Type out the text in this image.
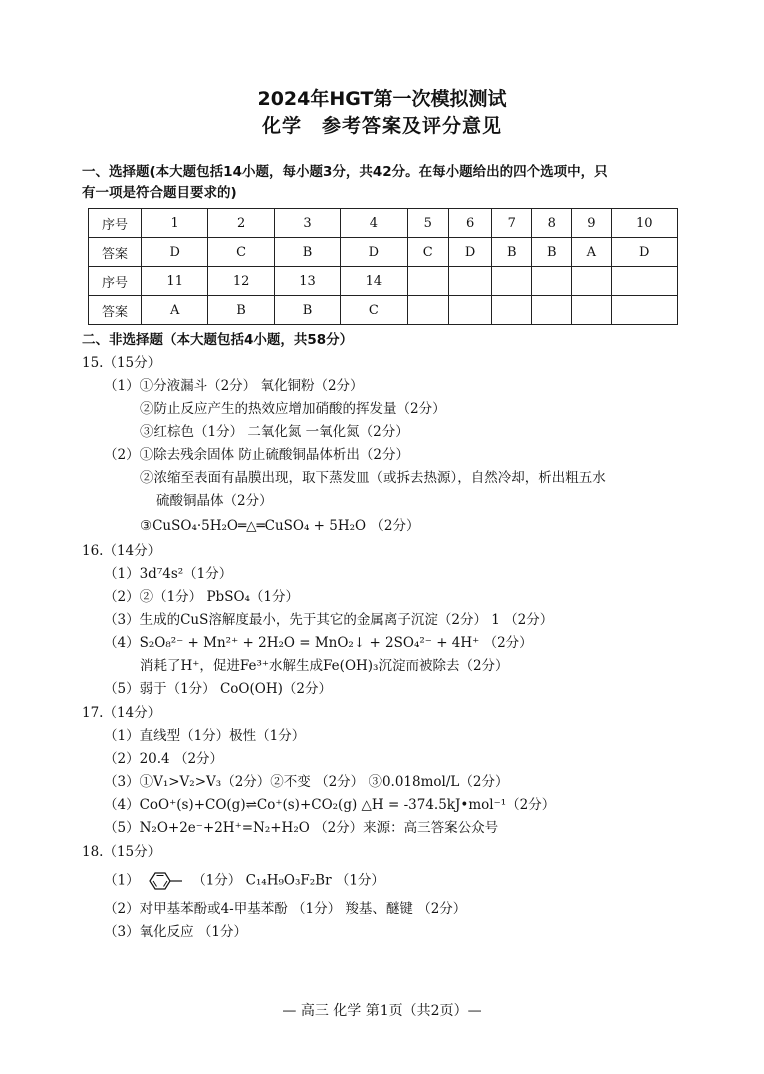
2024年HGT第一次模拟测试
化学　参考答案及评分意见
一、选择题(本大题包括14小题，每小题3分，共42分。在每小题给出的四个选项中，只
有一项是符合题目要求的)
序号	1	2	3	4	5	6	7	8	9	10
答案	D	C	B	D	C	D	B	B	A	D
序号	11	12	13	14						
答案	A	B	B	C						
二、非选择题（本大题包括4小题，共58分）
15.（15分）
（1）①分液漏斗（2分） 氧化铜粉（2分）
②防止反应产生的热效应增加硝酸的挥发量（2分）
③红棕色（1分） 二氧化氮 一氧化氮（2分）
（2）①除去残余固体 防止硫酸铜晶体析出（2分）
②浓缩至表面有晶膜出现，取下蒸发皿（或拆去热源），自然冷却，析出粗五水
硫酸铜晶体（2分）
③CuSO₄·5H₂O═△═CuSO₄ + 5H₂O （2分）
16.（14分）
（1）3d⁷4s²（1分）
（2）②（1分） PbSO₄（1分）
（3）生成的CuS溶解度最小，先于其它的金属离子沉淀（2分） 1 （2分）
（4）S₂O₈²⁻ + Mn²⁺ + 2H₂O = MnO₂↓ + 2SO₄²⁻ + 4H⁺ （2分）
消耗了H⁺，促进Fe³⁺水解生成Fe(OH)₃沉淀而被除去（2分）
（5）弱于（1分） CoO(OH)（2分）
17.（14分）
（1）直线型（1分）极性（1分）
（2）20.4 （2分）
（3）①V₁>V₂>V₃（2分）②不变 （2分） ③0.018mol/L（2分）
（4）CoO⁺(s)+CO(g)⇌Co⁺(s)+CO₂(g) △H = -374.5kJ•mol⁻¹（2分）
（5）N₂O+2e⁻+2H⁺=N₂+H₂O （2分）来源：高三答案公众号
18.（15分）
（1）	（1分） C₁₄H₉O₃F₂Br （1分）
（2）对甲基苯酚或4-甲基苯酚 （1分） 羧基、醚键 （2分）
（3）氧化反应 （1分）
— 高三 化学 第1页（共2页）—
